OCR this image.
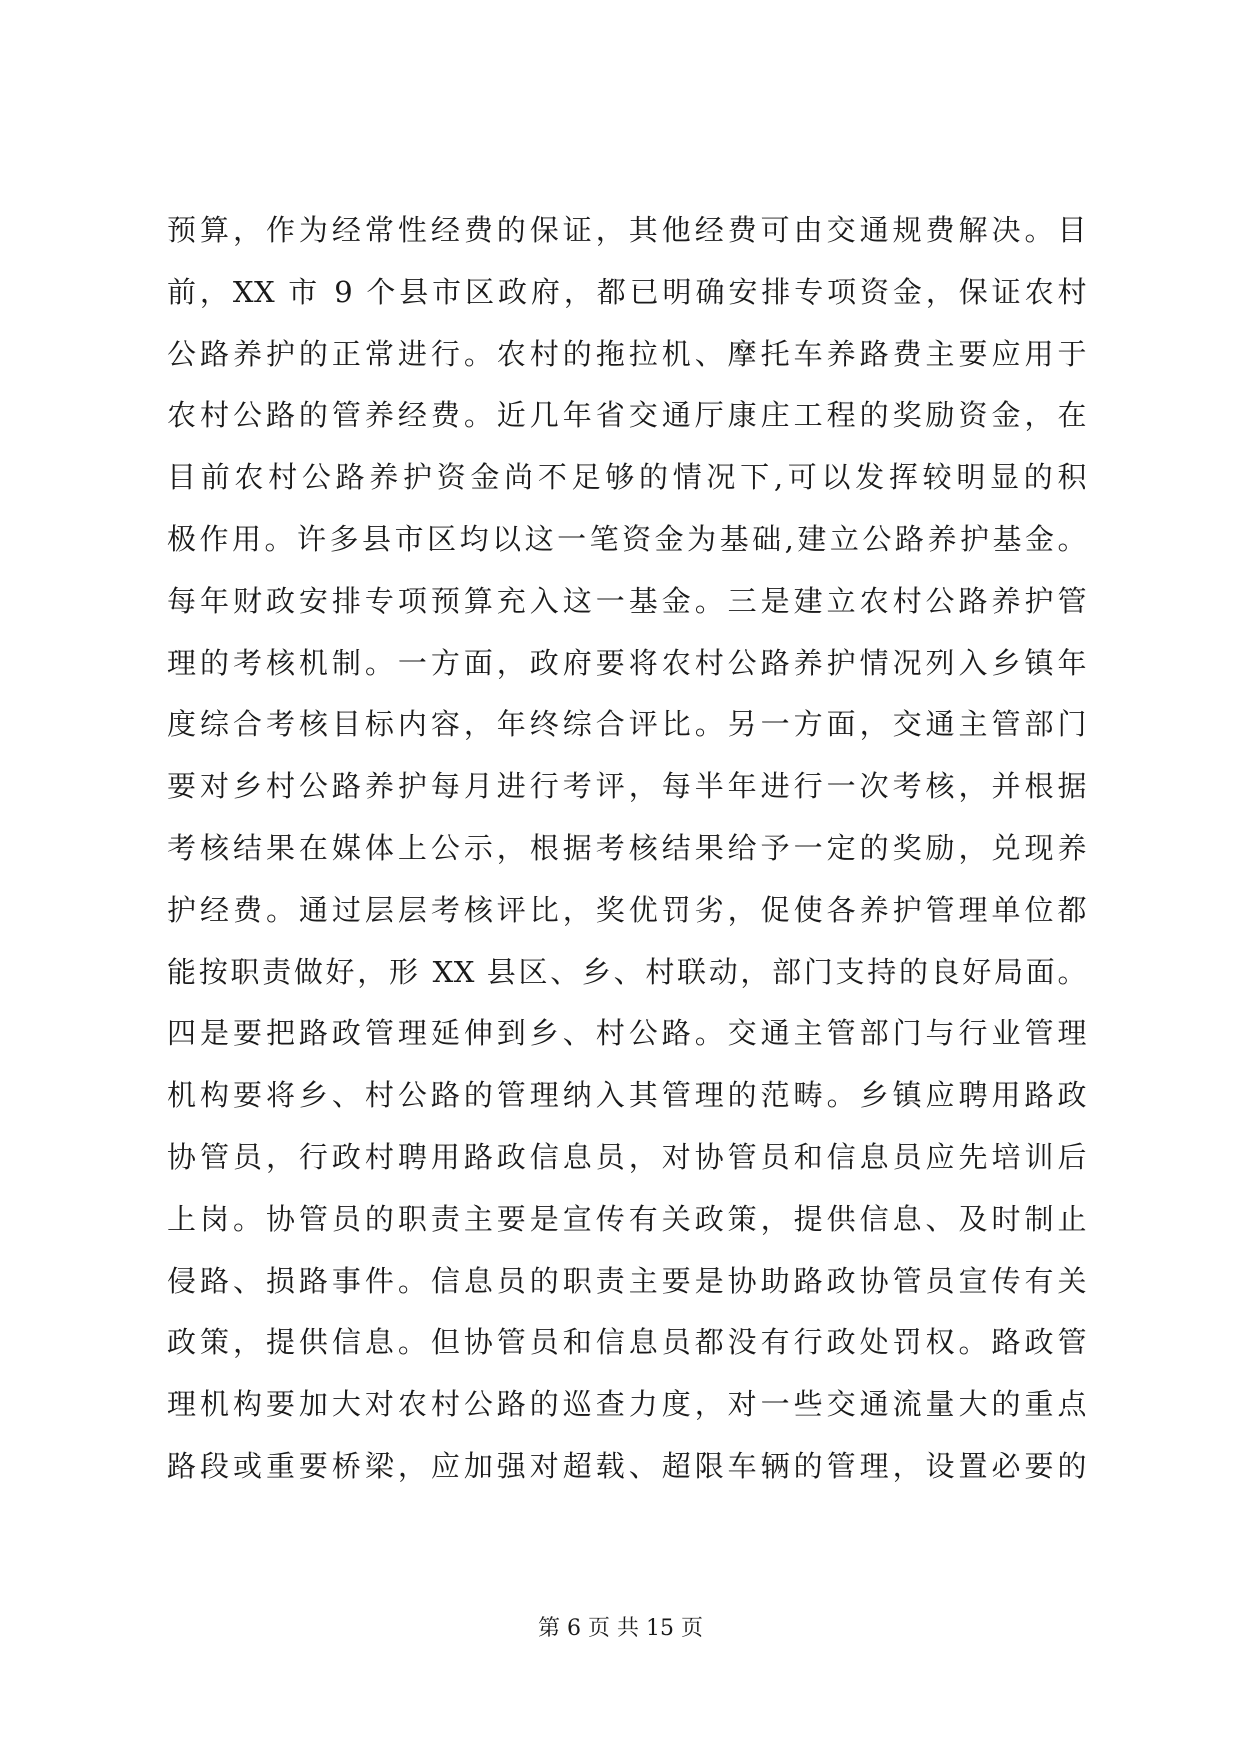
预算，作为经常性经费的保证，其他经费可由交通规费解决。目
前，XX 市 9 个县市区政府，都已明确安排专项资金，保证农村
公路养护的正常进行。农村的拖拉机、摩托车养路费主要应用于
农村公路的管养经费。近几年省交通厅康庄工程的奖励资金，在
目前农村公路养护资金尚不足够的情况下,可以发挥较明显的积
极作用。许多县市区均以这一笔资金为基础,建立公路养护基金。
每年财政安排专项预算充入这一基金。三是建立农村公路养护管
理的考核机制。一方面，政府要将农村公路养护情况列入乡镇年
度综合考核目标内容，年终综合评比。另一方面，交通主管部门
要对乡村公路养护每月进行考评，每半年进行一次考核，并根据
考核结果在媒体上公示，根据考核结果给予一定的奖励，兑现养
护经费。通过层层考核评比，奖优罚劣，促使各养护管理单位都
能按职责做好，形 XX 县区、乡、村联动，部门支持的良好局面。
四是要把路政管理延伸到乡、村公路。交通主管部门与行业管理
机构要将乡、村公路的管理纳入其管理的范畴。乡镇应聘用路政
协管员，行政村聘用路政信息员，对协管员和信息员应先培训后
上岗。协管员的职责主要是宣传有关政策，提供信息、及时制止
侵路、损路事件。信息员的职责主要是协助路政协管员宣传有关
政策，提供信息。但协管员和信息员都没有行政处罚权。路政管
理机构要加大对农村公路的巡查力度，对一些交通流量大的重点
路段或重要桥梁，应加强对超载、超限车辆的管理，设置必要的
第 6 页 共 15 页
